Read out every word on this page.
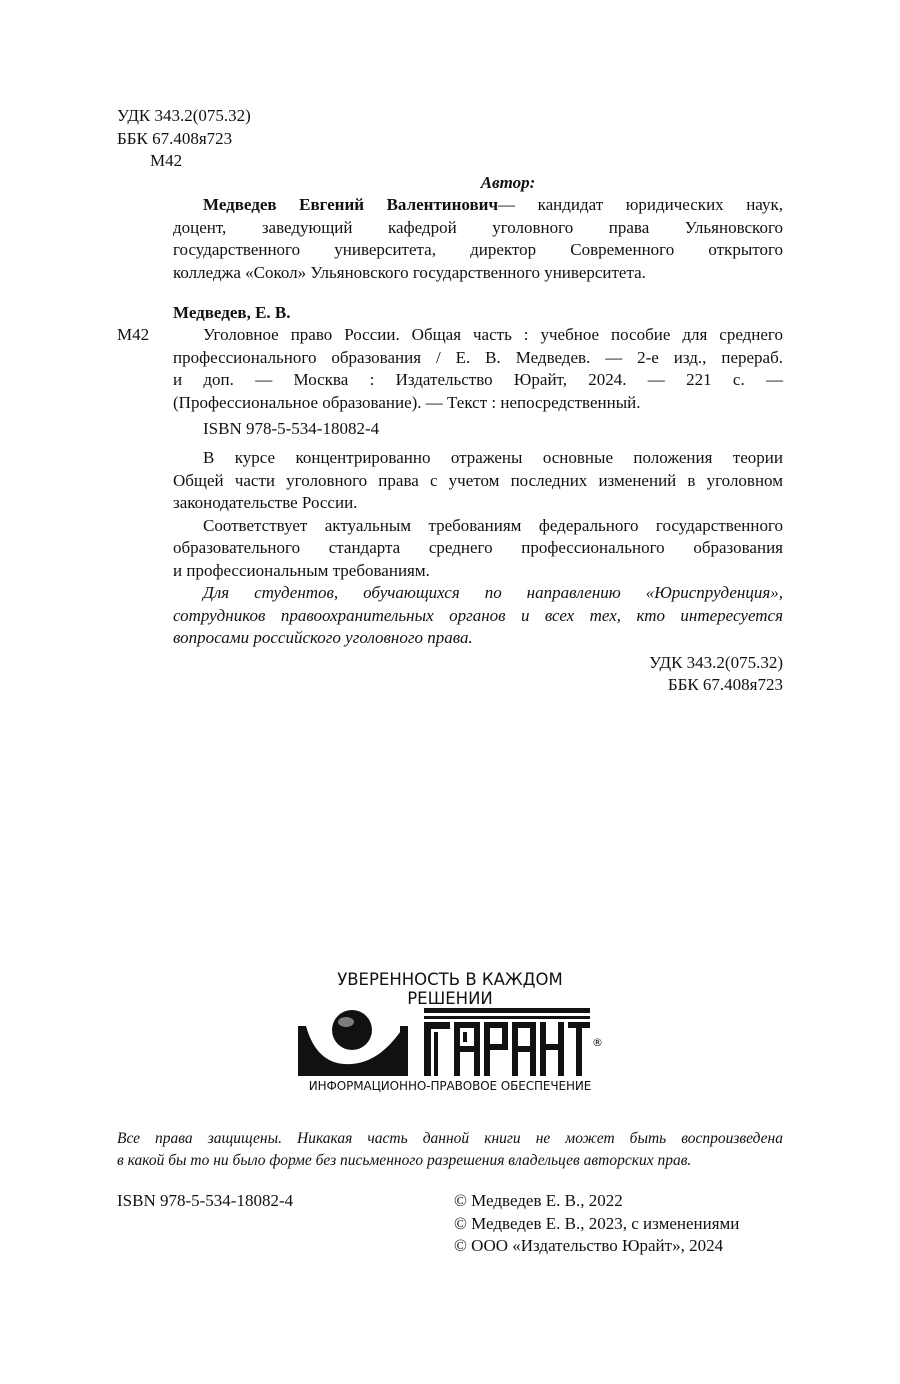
УДК 343.2(075.32)
ББК 67.408я723
М42
Автор:
Медведев Евгений Валентинович— кандидат юридических наук,
доцент, заведующий кафедрой уголовного права Ульяновского
государственного университета, директор Современного открытого
колледжа «Сокол» Ульяновского государственного университета.
Медведев, Е. В.
М42	Уголовное право России. Общая часть : учебное пособие для среднего
профессионального образования / Е. В. Медведев. — 2-е изд., перераб.
и доп. — Москва : Издательство Юрайт, 2024. — 221 с. —
(Профессиональное образование). — Текст : непосредственный.
ISBN 978-5-534-18082-4
В курсе концентрированно отражены основные положения теории
Общей части уголовного права с учетом последних изменений в уголовном
законодательстве России.
Соответствует актуальным требованиям федерального государственного
образовательного стандарта среднего профессионального образования
и профессиональным требованиям.
Для студентов, обучающихся по направлению «Юриспруденция»,
сотрудников правоохранительных органов и всех тех, кто интересуется
вопросами российского уголовного права.
УДК 343.2(075.32)
ББК 67.408я723
УВЕРЕННОСТЬ В КАЖДОМ РЕШЕНИИ
®
ИНФОРМАЦИОННО-ПРАВОВОЕ ОБЕСПЕЧЕНИЕ
Все права защищены. Никакая часть данной книги не может быть воспроизведена
в какой бы то ни было форме без письменного разрешения владельцев авторских прав.
ISBN 978-5-534-18082-4	© Медведев Е. В., 2022
© Медведев Е. В., 2023, с изменениями
© ООО «Издательство Юрайт», 2024
